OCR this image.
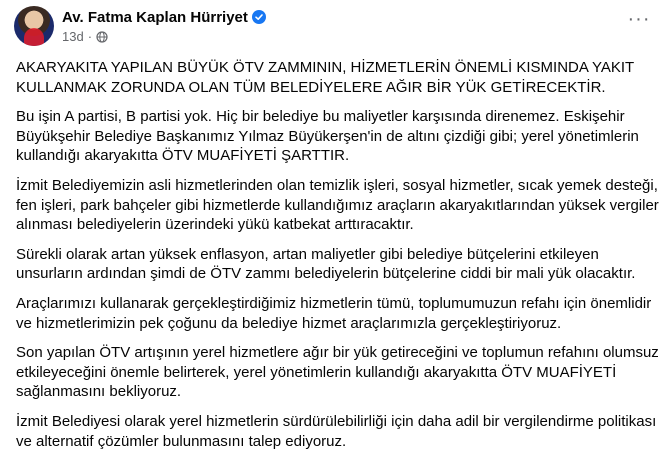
Av. Fatma Kaplan Hürriyet
13d ·
···

AKARYAKITA YAPILAN BÜYÜK ÖTV ZAMMININ, HİZMETLERİN ÖNEMLİ KISMINDA YAKIT KULLANMAK ZORUNDA OLAN TÜM BELEDİYELERE AĞIR BİR YÜK GETİRECEKTİR.

Bu işin A partisi, B partisi yok. Hiç bir belediye bu maliyetler karşısında direnemez. Eskişehir Büyükşehir Belediye Başkanımız Yılmaz Büyükerşen'in de altını çizdiği gibi; yerel yönetimlerin kullandığı akaryakıtta ÖTV MUAFİYETİ ŞARTTIR.

İzmit Belediyemizin asli hizmetlerinden olan temizlik işleri, sosyal hizmetler, sıcak yemek desteği, fen işleri, park bahçeler gibi hizmetlerde kullandığımız araçların akaryakıtlarından yüksek vergiler alınması belediyelerin üzerindeki yükü katbekat arttıracaktır.

Sürekli olarak artan yüksek enflasyon, artan maliyetler gibi belediye bütçelerini etkileyen unsurların ardından şimdi de ÖTV zammı belediyelerin bütçelerine ciddi bir mali yük olacaktır.

Araçlarımızı kullanarak gerçekleştirdiğimiz hizmetlerin tümü, toplumumuzun refahı için önemlidir ve hizmetlerimizin pek çoğunu da belediye hizmet araçlarımızla gerçekleştiriyoruz.

Son yapılan ÖTV artışının yerel hizmetlere ağır bir yük getireceğini ve toplumun refahını olumsuz etkileyeceğini önemle belirterek, yerel yönetimlerin kullandığı akaryakıtta ÖTV MUAFİYETİ sağlanmasını bekliyoruz.

İzmit Belediyesi olarak yerel hizmetlerin sürdürülebilirliği için daha adil bir vergilendirme politikası ve alternatif çözümler bulunmasını talep ediyoruz.
